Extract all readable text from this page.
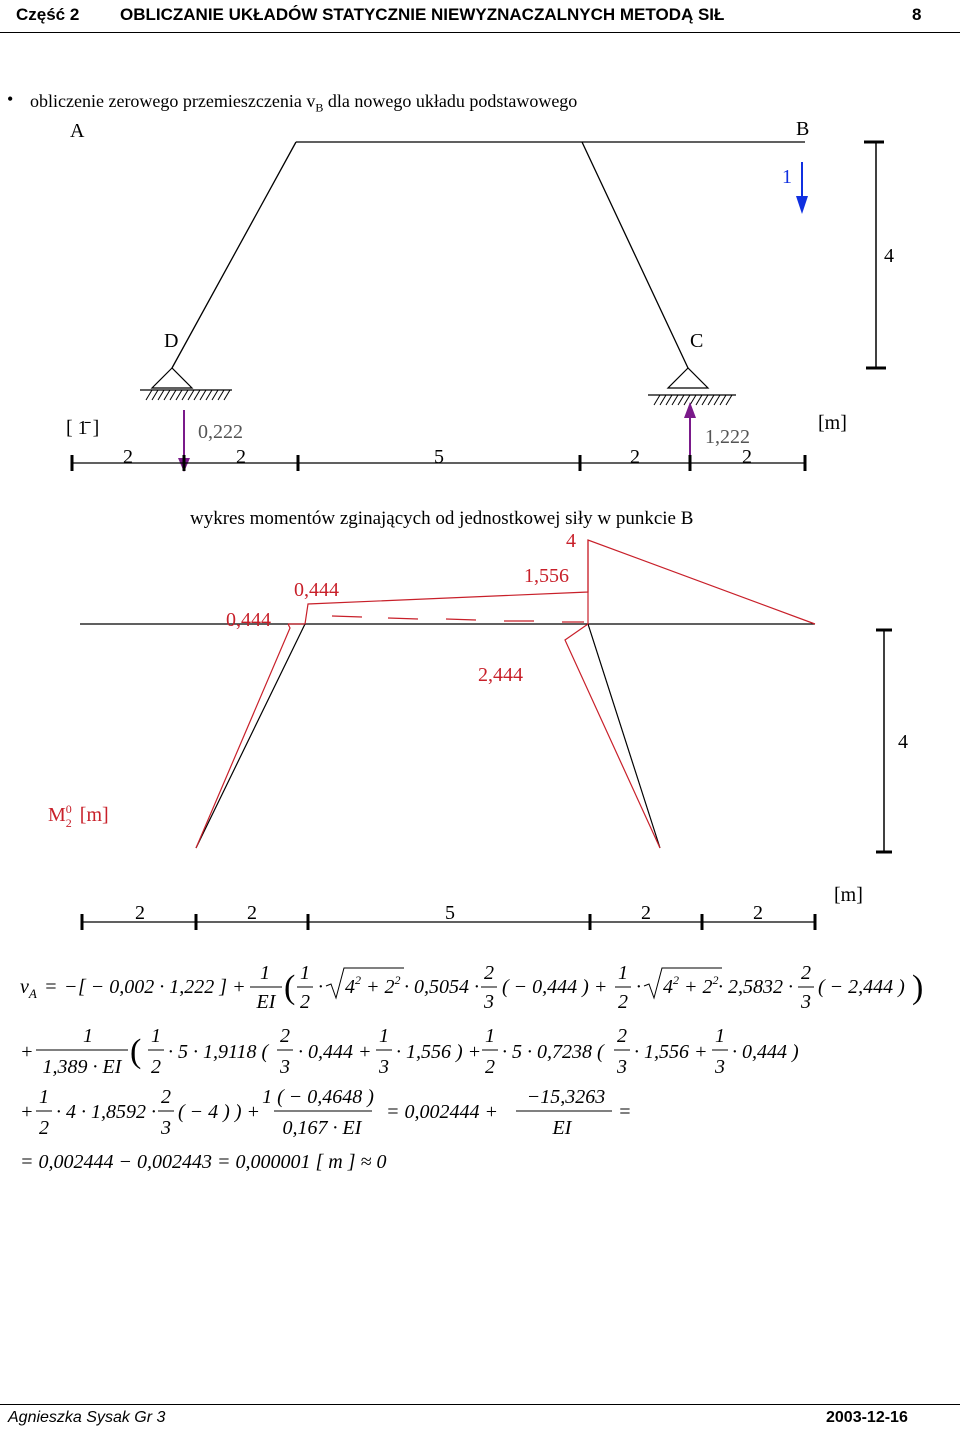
Część 2 OBLICZANIE UKŁADÓW STATYCZNIE NIEWYZNACZALNYCH METODĄ SIŁ	8
• obliczenie zerowego przemieszczenia $v_B$ dla nowego układu podstawowego
A	B
D	C
1
4
[ 1̄ ]	0,222	1,222
[m]
2	2	5	2	2
wykres momentów zginających od jednostkowej siły w punkcie B
4
1,556
0,444
0,444
2,444
4
$M_20$ [m]
2	2	5	2	2
[m]
$v_A$ = − [ − 0,002 · 1,222 ] +
1
EI ( 1
2
· $4^2 + 2^2 \cdot 0,5054$ ·
2
3
( − 0,444 ) +
1
2
· $4^2 + 2^2 \cdot 2,5832$ ·
2
3
( − 2,444 ) )
+
1
1,389 · EI ( 1
2
· 5 · 1,9118 (
2
3
· 0,444 +
1
3
· 1,556 ) +
1
2
· 5 · 0,7238 (
2
3
· 1,556 +
1
3
· 0,444 )
+
1
2
· 4 · 1,8592 ·
2
3
( − 4 ) ) +
1 ( − 0,4648 )
0,167 · EI
= 0,002444 +
−15,3263
EI
=
= 0,002444 − 0,002443 = 0,000001 [ m ] ≈ 0
Agnieszka Sysak Gr 3	2003-12-16
